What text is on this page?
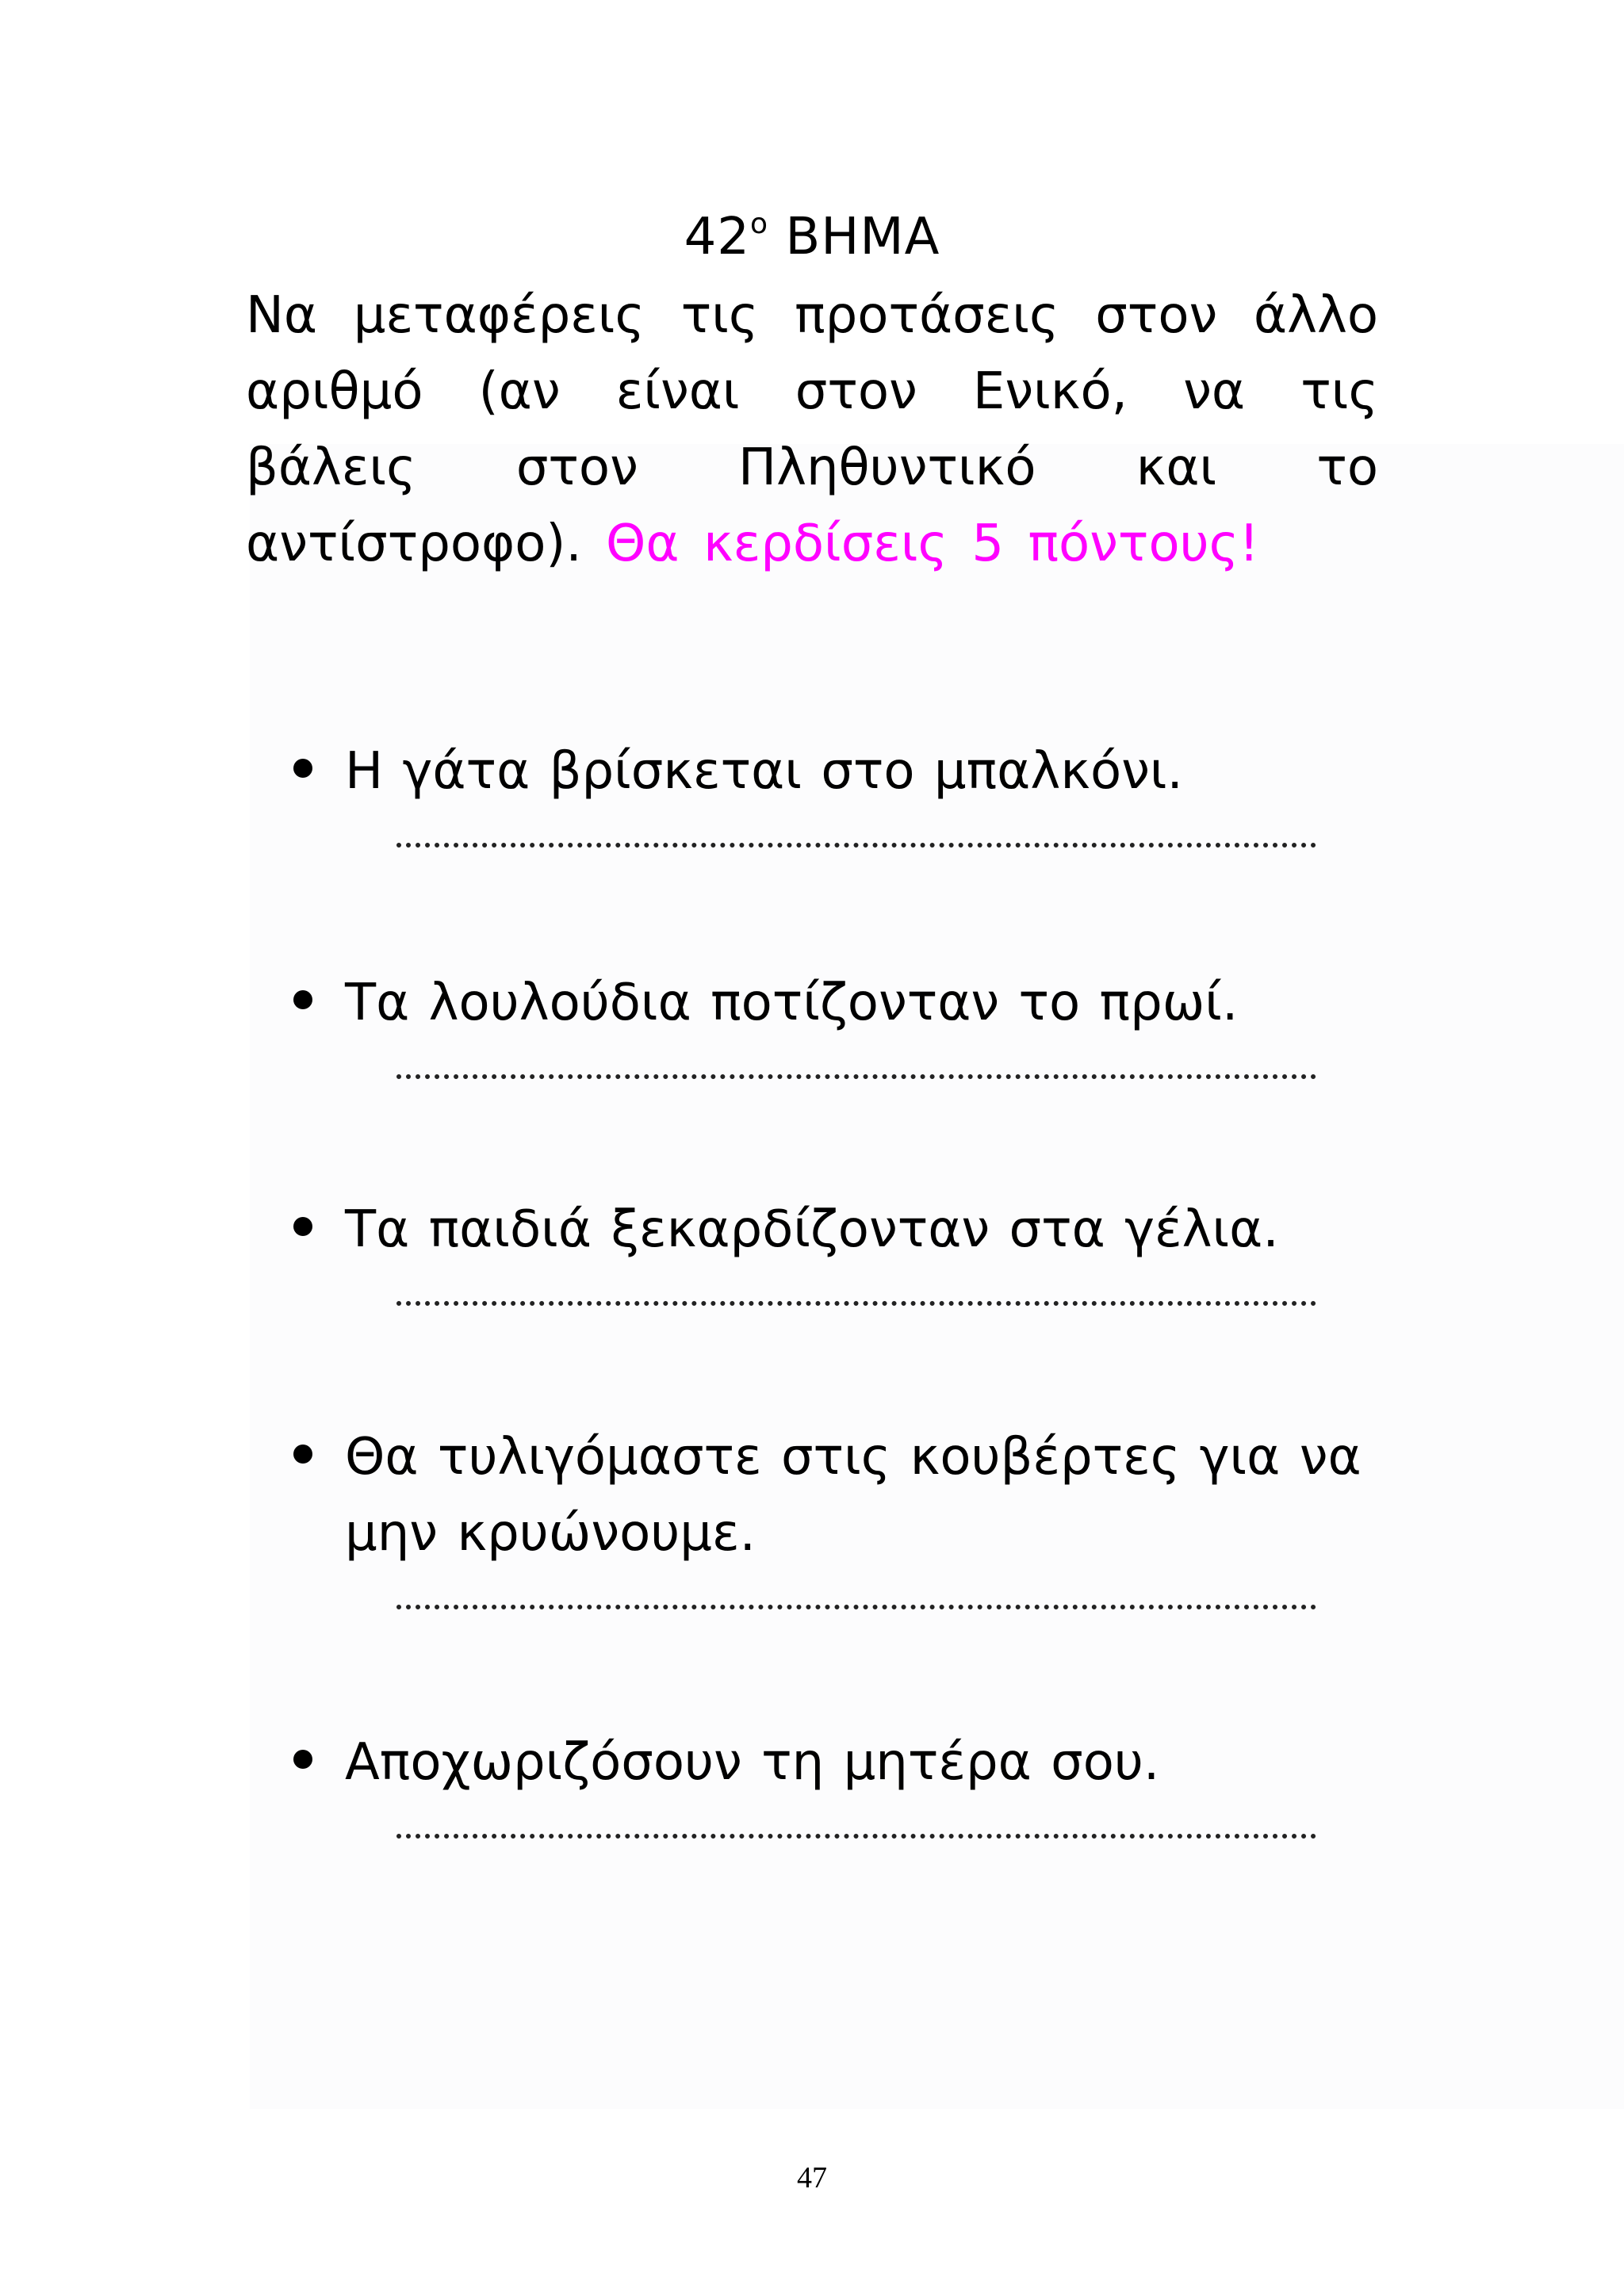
$42^o$ ΒΗΜΑ
Να μεταφέρεις τις προτάσεις στον άλλο αριθμό (αν είναι στον Ενικό, να τις βάλεις στον Πληθυντικό και το αντίστροφο). Θα κερδίσεις 5 πόντους!
Η γάτα βρίσκεται στο μπαλκόνι.
Τα λουλούδια ποτίζονταν το πρωί.
Τα παιδιά ξεκαρδίζονταν στα γέλια.
Θα τυλιγόμαστε στις κουβέρτες για να μην κρυώνουμε.
Αποχωριζόσουν τη μητέρα σου.
47
